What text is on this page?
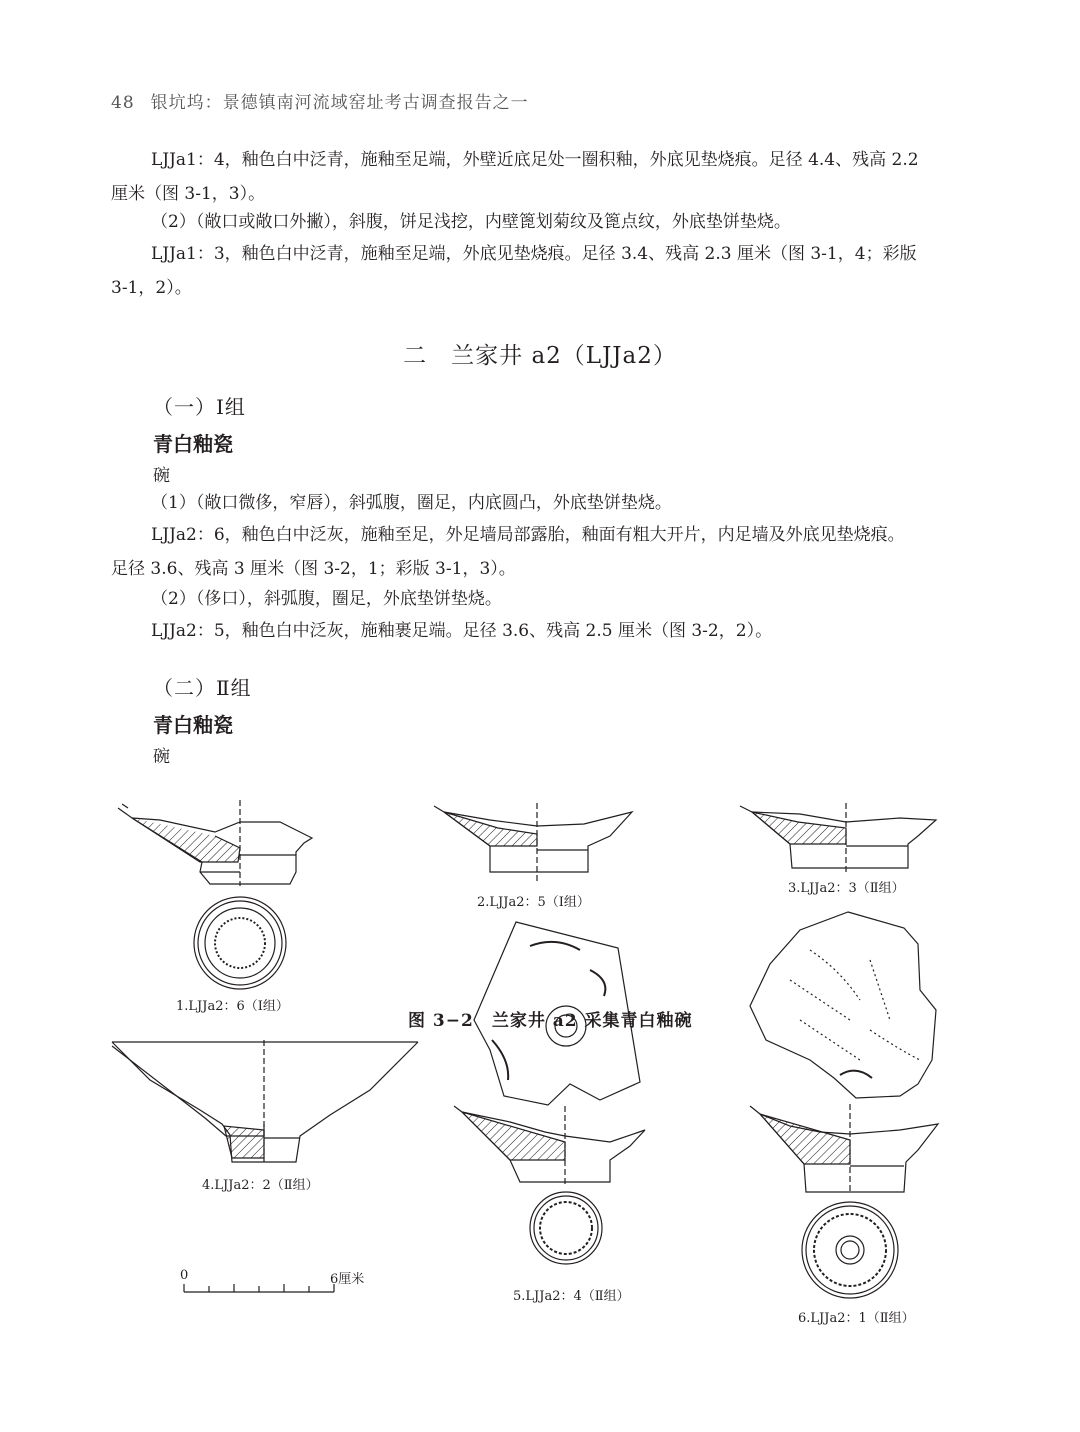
48 银坑坞：景德镇南河流域窑址考古调查报告之一
LJJa1：4，釉色白中泛青，施釉至足端，外壁近底足处一圈积釉，外底见垫烧痕。足径 4.4、残高 2.2
厘米（图 3-1，3）。
（2）（敞口或敞口外撇），斜腹，饼足浅挖，内壁篦划菊纹及篦点纹，外底垫饼垫烧。
LJJa1：3，釉色白中泛青，施釉至足端，外底见垫烧痕。足径 3.4、残高 2.3 厘米（图 3-1，4；彩版
3-1，2）。
二　兰家井 a2（LJJa2）
（一）Ⅰ组
青白釉瓷
碗
（1）（敞口微侈，窄唇），斜弧腹，圈足，内底圆凸，外底垫饼垫烧。
LJJa2：6，釉色白中泛灰，施釉至足，外足墙局部露胎，釉面有粗大开片，内足墙及外底见垫烧痕。
足径 3.6、残高 3 厘米（图 3-2，1；彩版 3-1，3）。
（2）（侈口），斜弧腹，圈足，外底垫饼垫烧。
LJJa2：5，釉色白中泛灰，施釉裹足端。足径 3.6、残高 2.5 厘米（图 3-2，2）。
（二）Ⅱ组
青白釉瓷
碗
1.LJJa2：6（Ⅰ组）
2.LJJa2：5（Ⅰ组）
3.LJJa2：3（Ⅱ组）
4.LJJa2：2（Ⅱ组）
5.LJJa2：4（Ⅱ组）
6.LJJa2：1（Ⅱ组）
0	6厘米
图 3−2　兰家井 a2 采集青白釉碗
